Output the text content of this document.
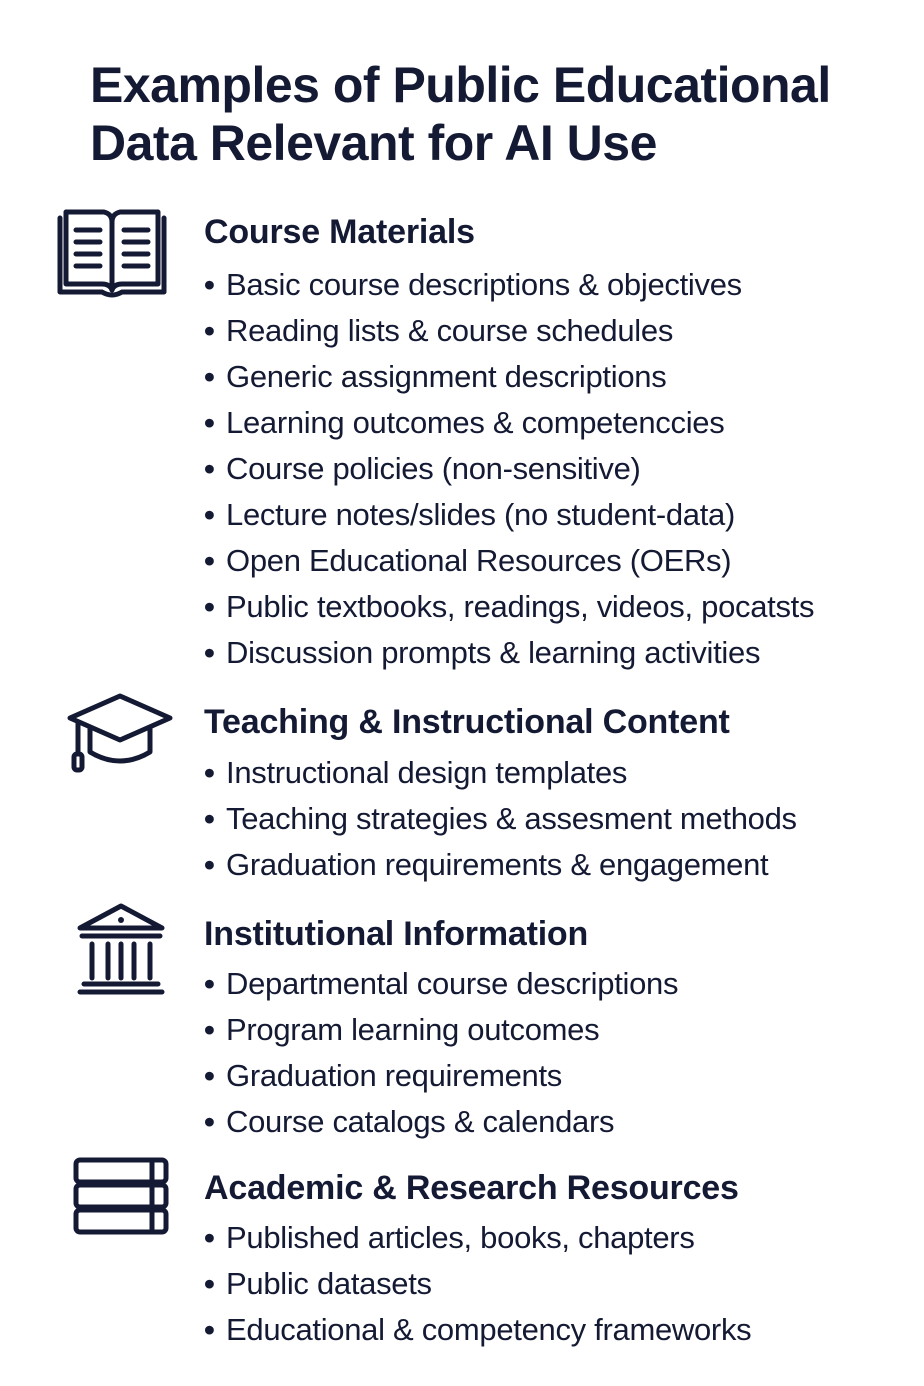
Examples of Public Educational
Data Relevant for AI Use
Course Materials
• Basic course descriptions & objectives
• Reading lists & course schedules
• Generic assignment descriptions
• Learning outcomes & competenccies
• Course policies (non-sensitive)
• Lecture notes/slides (no student-data)
• Open Educational Resources (OERs)
• Public textbooks, readings, videos, pocatsts
• Discussion prompts & learning activities
Teaching & Instructional Content
• Instructional design templates
• Teaching strategies & assesment methods
• Graduation requirements & engagement
Institutional Information
• Departmental course descriptions
• Program learning outcomes
• Graduation requirements
• Course catalogs & calendars
Academic & Research Resources
• Published articles, books, chapters
• Public datasets
• Educational & competency frameworks
